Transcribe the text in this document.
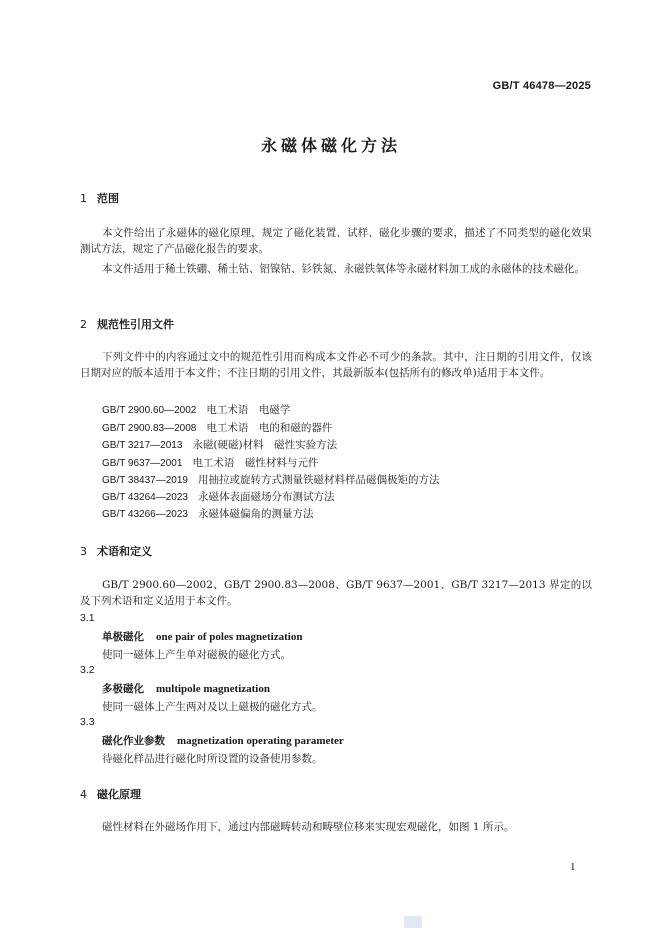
GB/T 46478—2025
永磁体磁化方法
1 范围
本文件给出了永磁体的磁化原理，规定了磁化装置、试样、磁化步骤的要求，描述了不同类型的磁化效果测试方法，规定了产品磁化报告的要求。
本文件适用于稀土铁硼、稀土钴、铝镍钴、钐铁氮、永磁铁氧体等永磁材料加工成的永磁体的技术磁化。
2 规范性引用文件
下列文件中的内容通过文中的规范性引用而构成本文件必不可少的条款。其中，注日期的引用文件，仅该日期对应的版本适用于本文件；不注日期的引用文件，其最新版本(包括所有的修改单)适用于本文件。
GB/T 2900.60—2002 电工术语　电磁学
GB/T 2900.83—2008 电工术语　电的和磁的器件
GB/T 3217—2013 永磁(硬磁)材料　磁性实验方法
GB/T 9637—2001 电工术语　磁性材料与元件
GB/T 38437—2019 用抽拉或旋转方式测量铁磁材料样品磁偶极矩的方法
GB/T 43264—2023 永磁体表面磁场分布测试方法
GB/T 43266—2023 永磁体磁偏角的测量方法
3 术语和定义
GB/T 2900.60—2002、GB/T 2900.83—2008、GB/T 9637—2001、GB/T 3217—2013 界定的以及下列术语和定义适用于本文件。
3.1
单极磁化 one pair of poles magnetization
使同一磁体上产生单对磁极的磁化方式。
3.2
多极磁化 multipole magnetization
使同一磁体上产生两对及以上磁极的磁化方式。
3.3
磁化作业参数 magnetization operating parameter
待磁化样品进行磁化时所设置的设备使用参数。
4 磁化原理
磁性材料在外磁场作用下，通过内部磁畴转动和畴壁位移来实现宏观磁化，如图 1 所示。
1
